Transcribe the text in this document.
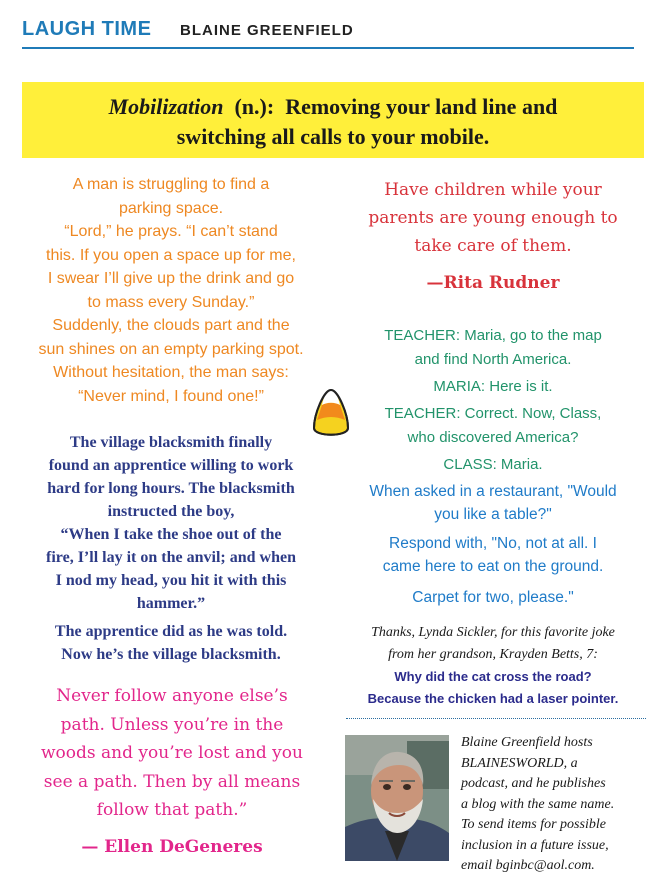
LAUGH TIME BLAINE GREENFIELD
Mobilization (n.): Removing your land line and
switching all calls to your mobile.

A man is struggling to find a

parking space.

“Lord,” he prays. “I can’t stand

this. If you open a space up for me,

I swear I’ll give up the drink and go

to mass every Sunday.”

Suddenly, the clouds part and the

sun shines on an empty parking spot.

Without hesitation, the man says:

“Never mind, I found one!”

The village blacksmith finally

found an apprentice willing to work

hard for long hours. The blacksmith

instructed the boy,

“When I take the shoe out of the

fire, I’ll lay it on the anvil; and when

I nod my head, you hit it with this

hammer.”

The apprentice did as he was told.

Now he’s the village blacksmith.

Never follow anyone else’s

path. Unless you’re in the

woods and you’re lost and you

see a path. Then by all means

follow that path.”

— Ellen DeGeneres

Have children while your

parents are young enough to

take care of them.

—Rita Rudner

TEACHER: Maria, go to the map

and find North America.

MARIA: Here is it.

TEACHER: Correct. Now, Class,

who discovered America?

CLASS: Maria.

When asked in a restaurant, "Would

you like a table?"

Respond with, "No, not at all. I

came here to eat on the ground.

Carpet for two, please."

Thanks, Lynda Sickler, for this favorite joke

from her grandson, Krayden Betts, 7:

Why did the cat cross the road?

Because the chicken had a laser pointer.

Blaine Greenfield hosts

BLAINESWORLD, a

podcast, and he publishes

a blog with the same name.

To send items for possible

inclusion in a future issue,

email bginbc@aol.com.
